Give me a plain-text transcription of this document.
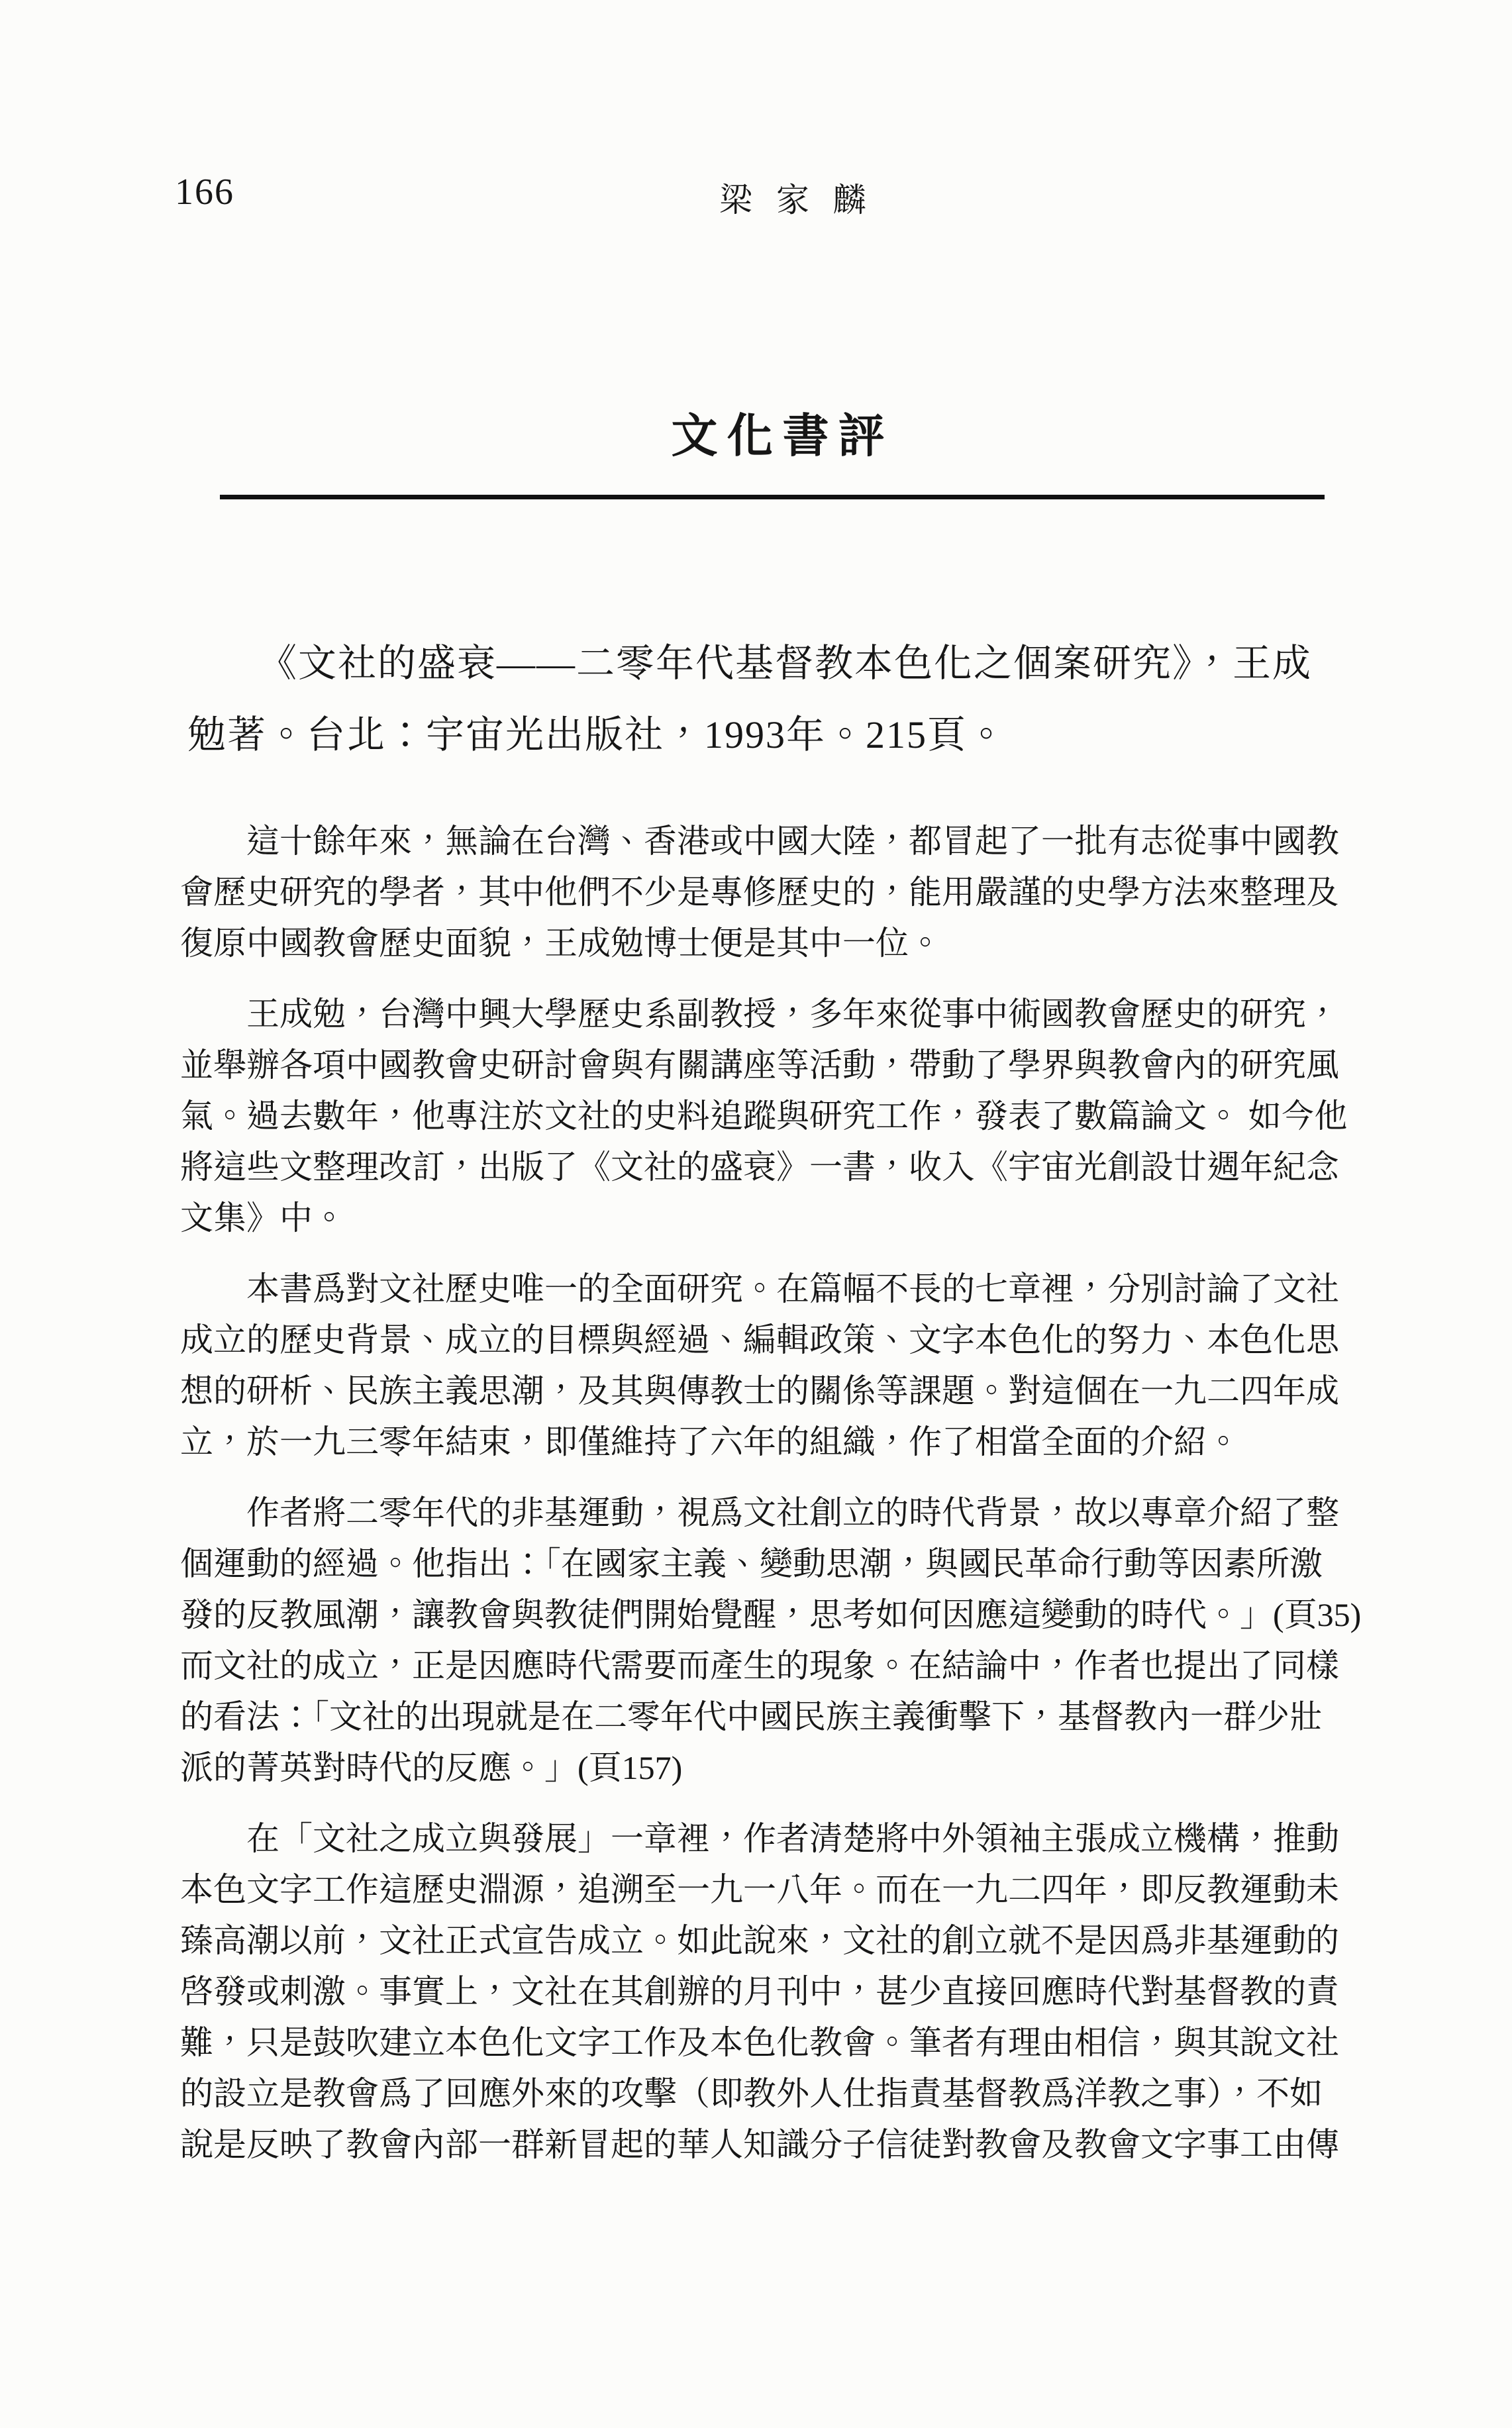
166	梁家麟
文化書評
《文社的盛衰——二零年代基督教本色化之個案研究》，王成
勉著。台北：宇宙光出版社，1993年。215頁。
這十餘年來，無論在台灣、香港或中國大陸，都冒起了一批有志從事中國教
會歷史研究的學者，其中他們不少是專修歷史的，能用嚴謹的史學方法來整理及
復原中國教會歷史面貌，王成勉博士便是其中一位。
王成勉，台灣中興大學歷史系副教授，多年來從事中術國教會歷史的研究，
並舉辦各項中國教會史研討會與有關講座等活動，帶動了學界與教會內的研究風
氣。過去數年，他專注於文社的史料追蹤與研究工作，發表了數篇論文。 如今他
將這些文整理改訂，出版了《文社的盛衰》一書，收入《宇宙光創設廿週年紀念
文集》中。
本書爲對文社歷史唯一的全面研究。在篇幅不長的七章裡，分別討論了文社
成立的歷史背景、成立的目標與經過、編輯政策、文字本色化的努力、本色化思
想的研析、民族主義思潮，及其與傳教士的關係等課題。對這個在一九二四年成
立，於一九三零年結束，即僅維持了六年的組織，作了相當全面的介紹。
作者將二零年代的非基運動，視爲文社創立的時代背景，故以專章介紹了整
個運動的經過。他指出：「在國家主義、變動思潮，與國民革命行動等因素所激
發的反教風潮，讓教會與教徒們開始覺醒，思考如何因應這變動的時代。」(頁35)
而文社的成立，正是因應時代需要而產生的現象。在結論中，作者也提出了同樣
的看法：「文社的出現就是在二零年代中國民族主義衝擊下，基督教內一群少壯
派的菁英對時代的反應。」(頁157)
在「文社之成立與發展」一章裡，作者清楚將中外領袖主張成立機構，推動
本色文字工作這歷史淵源，追溯至一九一八年。而在一九二四年，即反教運動未
臻高潮以前，文社正式宣告成立。如此說來，文社的創立就不是因爲非基運動的
啓發或刺激。事實上，文社在其創辦的月刊中，甚少直接回應時代對基督教的責
難，只是鼓吹建立本色化文字工作及本色化教會。筆者有理由相信，與其說文社
的設立是教會爲了回應外來的攻擊（即教外人仕指責基督教爲洋教之事），不如
說是反映了教會內部一群新冒起的華人知識分子信徒對教會及教會文字事工由傳
